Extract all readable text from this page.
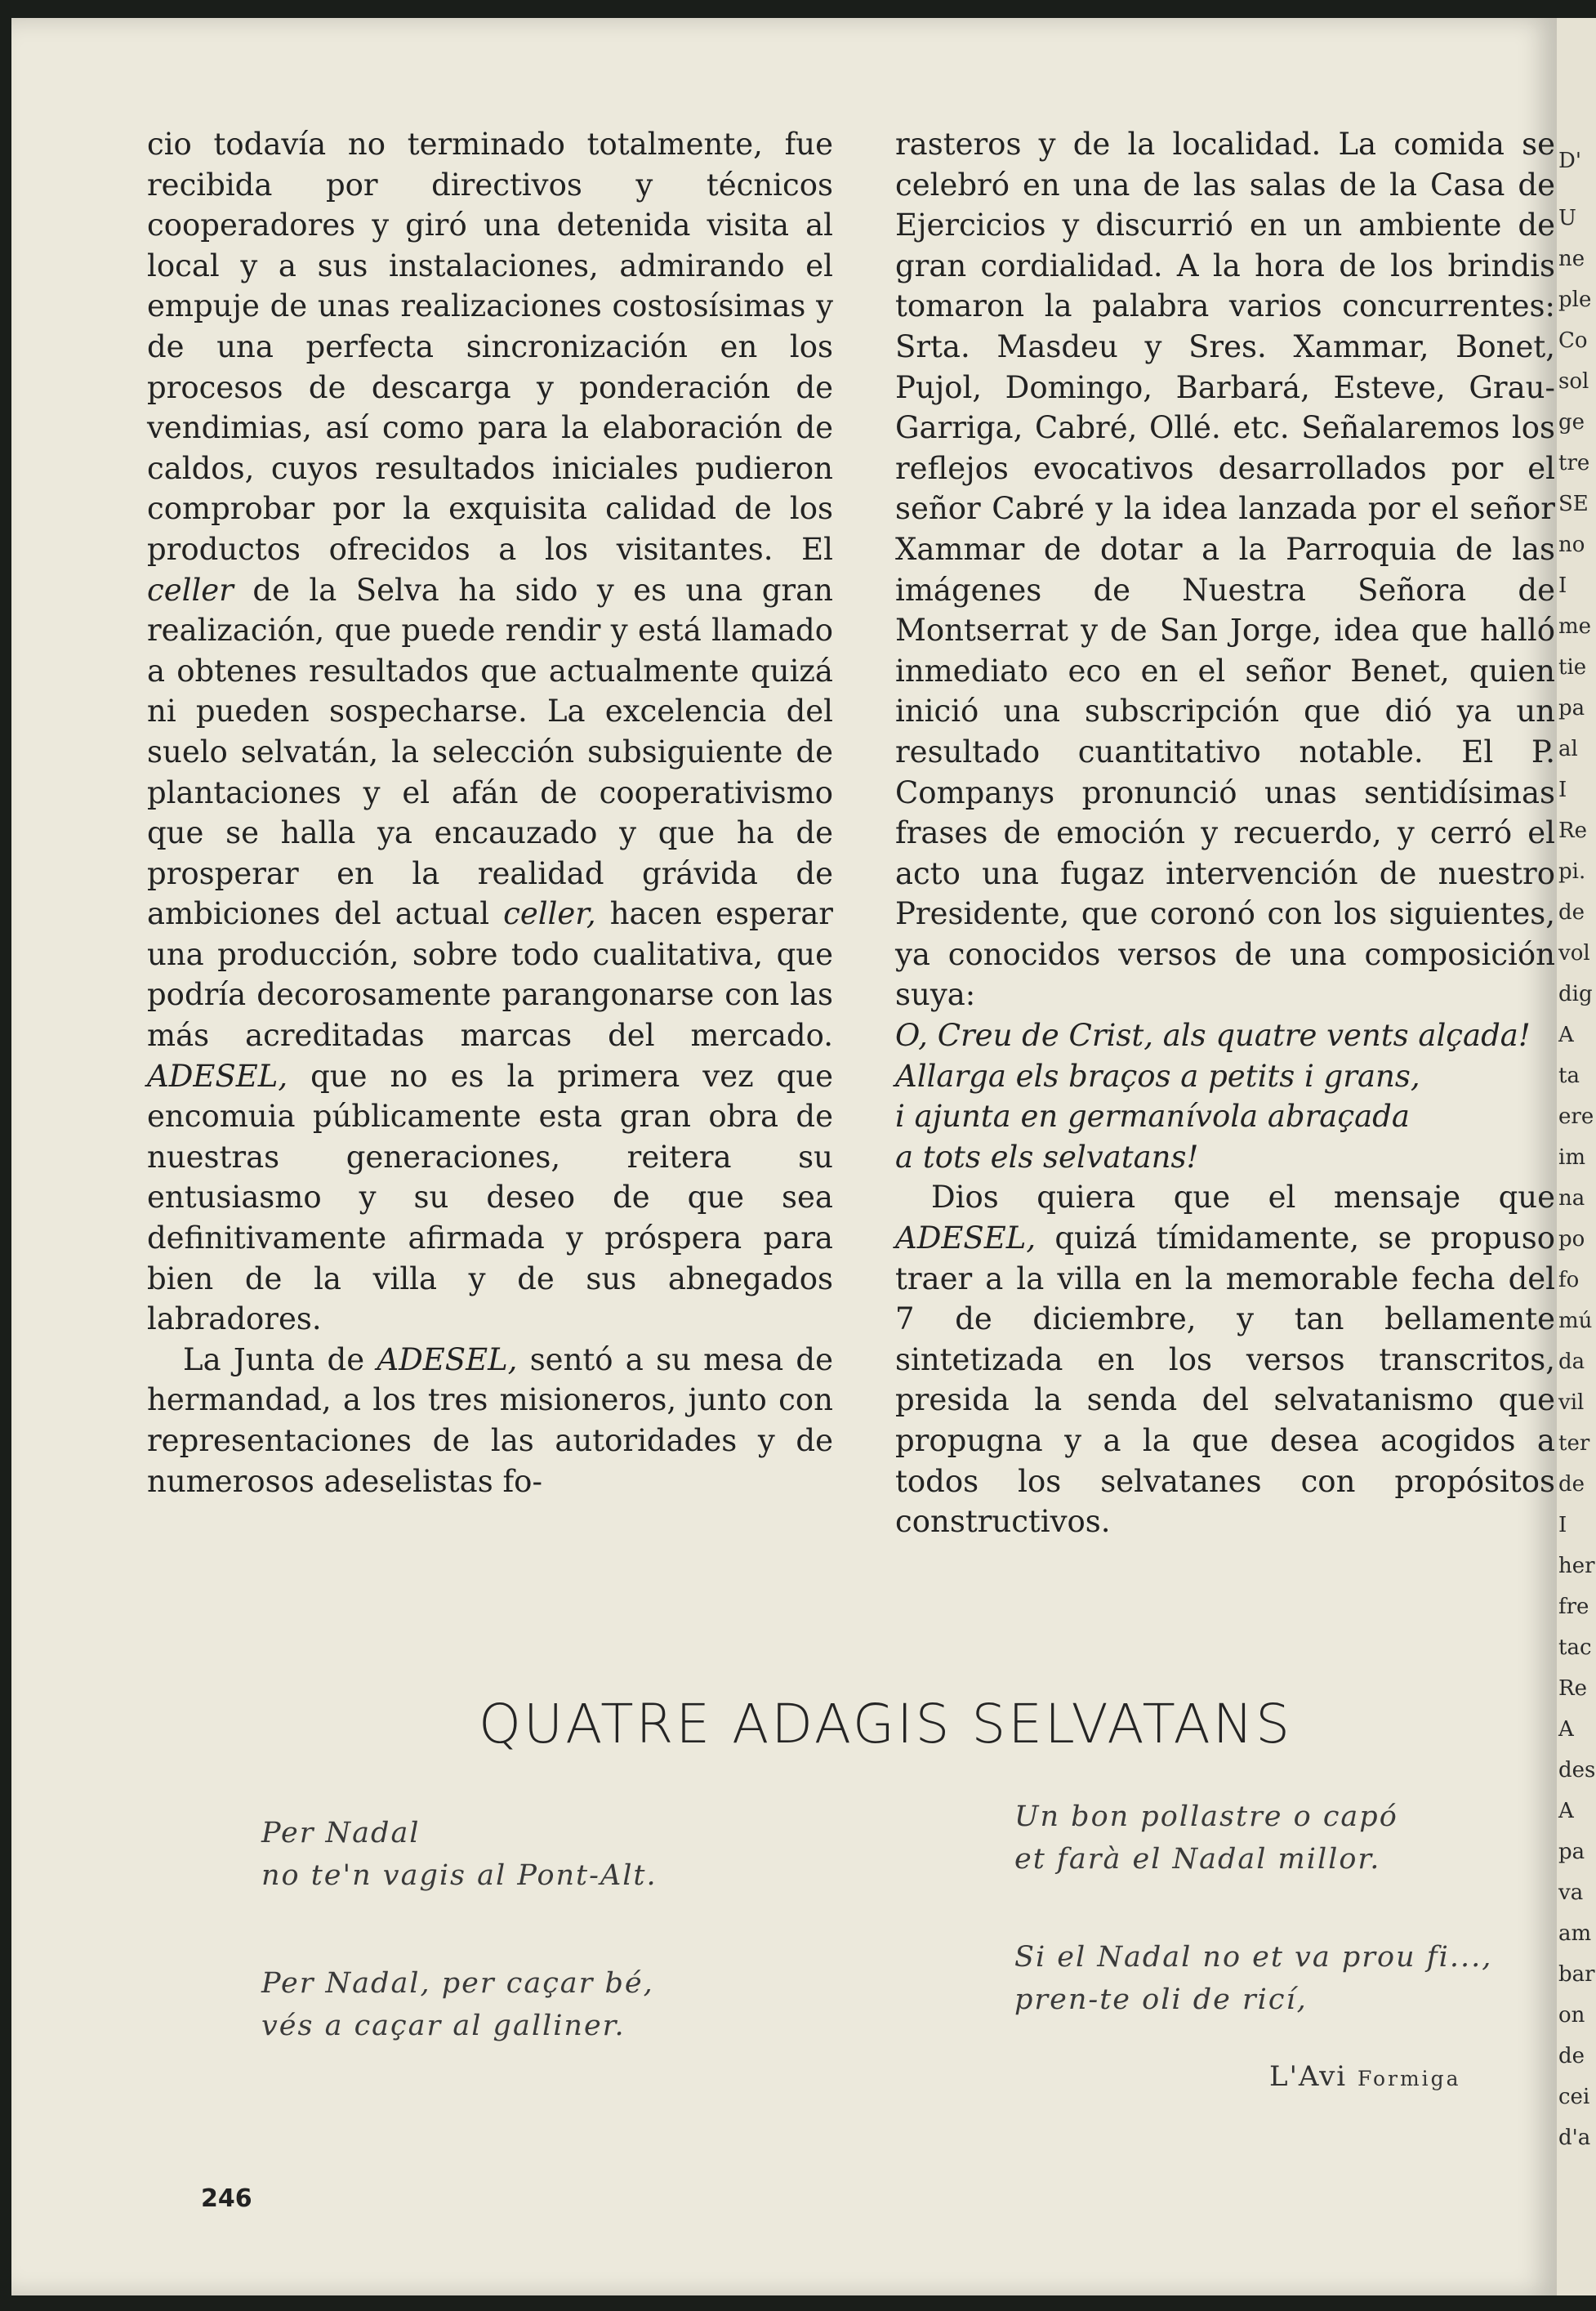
cio todavía no terminado totalmente, fue recibida por directivos y técnicos cooperadores y giró una detenida visita al local y a sus instalaciones, admirando el empuje de unas realizaciones costosísimas y de una perfecta sincronización en los procesos de descarga y ponderación de vendimias, así como para la elaboración de caldos, cuyos resultados iniciales pudieron comprobar por la exquisita calidad de los productos ofrecidos a los visitantes. El celler de la Selva ha sido y es una gran realización, que puede rendir y está llamado a obtenes resultados que actualmente quizá ni pueden sospecharse. La excelencia del suelo selvatán, la selección subsiguiente de plantaciones y el afán de cooperativismo que se halla ya encauzado y que ha de prosperar en la realidad grávida de ambiciones del actual celler, hacen esperar una producción, sobre todo cualitativa, que podría decorosamente parangonarse con las más acreditadas marcas del mercado. ADESEL, que no es la primera vez que encomuia públicamente esta gran obra de nuestras generaciones, reitera su entusiasmo y su deseo de que sea definitivamente afirmada y próspera para bien de la villa y de sus abnegados labradores.

La Junta de ADESEL, sentó a su mesa de hermandad, a los tres misioneros, junto con representaciones de las autoridades y de numerosos adeselistas fo-

rasteros y de la localidad. La comida se celebró en una de las salas de la Casa de Ejercicios y discurrió en un ambiente de gran cordialidad. A la hora de los brindis tomaron la palabra varios concurrentes: Srta. Masdeu y Sres. Xammar, Bonet, Pujol, Domingo, Barbará, Esteve, Grau-Garriga, Cabré, Ollé. etc. Señalaremos los reflejos evocativos desarrollados por el señor Cabré y la idea lanzada por el señor Xammar de dotar a la Parroquia de las imágenes de Nuestra Señora de Montserrat y de San Jorge, idea que halló inmediato eco en el señor Benet, quien inició una subscripción que dió ya un resultado cuantitativo notable. El P. Companys pronunció unas sentidísimas frases de emoción y recuerdo, y cerró el acto una fugaz intervención de nuestro Presidente, que coronó con los siguientes, ya conocidos versos de una composición suya:

O, Creu de Crist, als quatre vents alçada!
Allarga els braços a petits i grans,
i ajunta en germanívola abraçada
a tots els selvatans!

Dios quiera que el mensaje que ADESEL, quizá tímidamente, se propuso traer a la villa en la memorable fecha del 7 de diciembre, y tan bellamente sintetizada en los versos transcritos, presida la senda del selvatanismo que propugna y a la que desea acogidos a todos los selvatanes con propósitos constructivos.

QUATRE ADAGIS SELVATANS

Per Nadal
no te'n vagis al Pont-Alt.

Per Nadal, per caçar bé,
vés a caçar al galliner.

Un bon pollastre o capó
et farà el Nadal millor.

Si el Nadal no et va prou fi...,
pren-te oli de ricí,

L'Avi Formiga
246
D'
U
ne
ple
Co
sol
ge
tre
SE
no
I
me
tie
pa
al
I
Re
pi.
de
vol
dig
A
ta
ere
im
na
po
fo
mú
da
vil
ter
de
I
her
fre
tac
Re
A
des
A
pa
va
am
bar
on
de
cei
d'a
